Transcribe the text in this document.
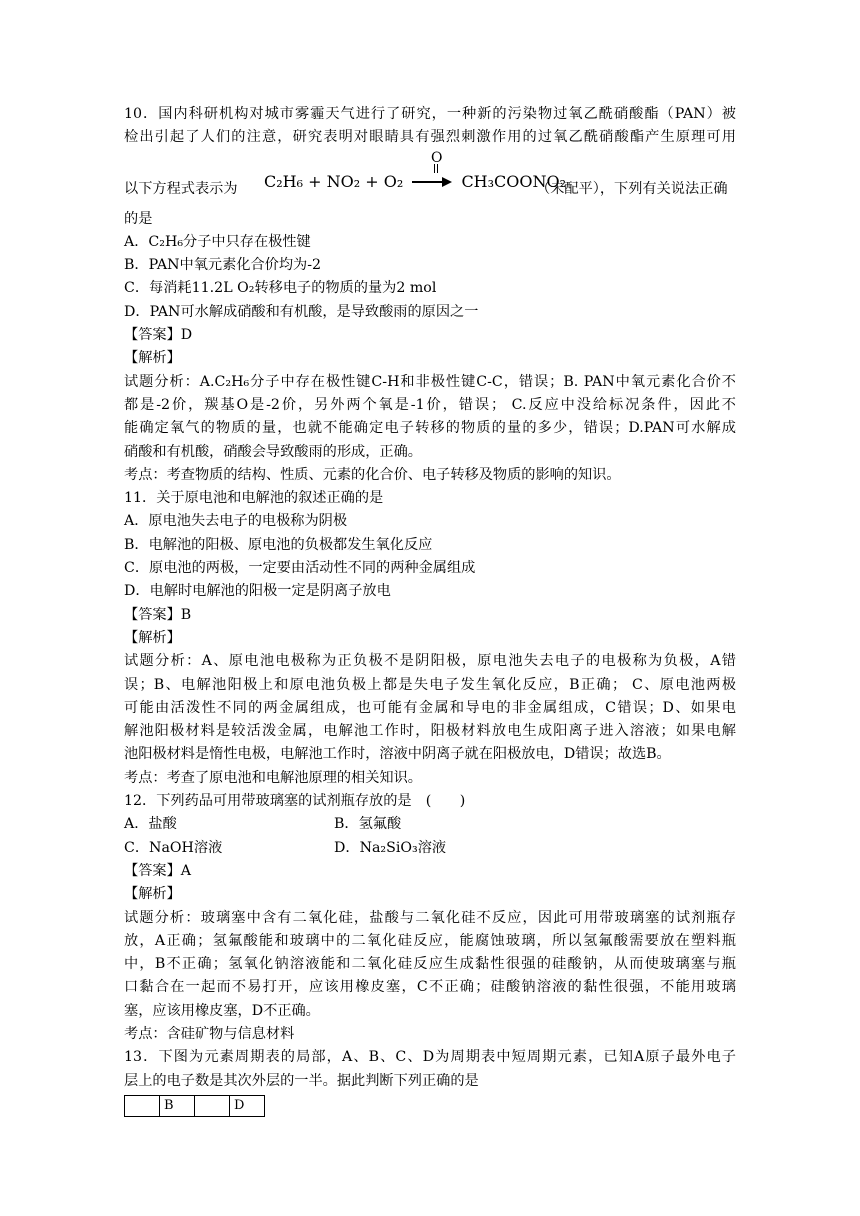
10．国内科研机构对城市雾霾天气进行了研究，一种新的污染物过氧乙酰硝酸酯（PAN）被
检出引起了人们的注意，研究表明对眼睛具有强烈刺激作用的过氧乙酰硝酸酯产生原理可用
以下方程式表示为
O
C₂H₆ + NO₂ + O₂	CH₃COONO₂
（未配平），下列有关说法正确
的是
A．C₂H₆分子中只存在极性键
B．PAN中氧元素化合价均为-2
C．每消耗11.2L O₂转移电子的物质的量为2 mol
D．PAN可水解成硝酸和有机酸，是导致酸雨的原因之一
【答案】D
【解析】
试题分析：A.C₂H₆分子中存在极性键C-H和非极性键C-C，错误；B. PAN中氧元素化合价不
都是-2价，羰基O是-2价，另外两个氧是-1价，错误； C.反应中没给标况条件，因此不
能确定氧气的物质的量，也就不能确定电子转移的物质的量的多少，错误；D.PAN可水解成
硝酸和有机酸，硝酸会导致酸雨的形成，正确。
考点：考查物质的结构、性质、元素的化合价、电子转移及物质的影响的知识。
11．关于原电池和电解池的叙述正确的是
A．原电池失去电子的电极称为阴极
B．电解池的阳极、原电池的负极都发生氧化反应
C．原电池的两极，一定要由活动性不同的两种金属组成
D．电解时电解池的阳极一定是阴离子放电
【答案】B
【解析】
试题分析：A、原电池电极称为正负极不是阴阳极，原电池失去电子的电极称为负极，A错
误；B、电解池阳极上和原电池负极上都是失电子发生氧化反应，B正确； C、原电池两极
可能由活泼性不同的两金属组成，也可能有金属和导电的非金属组成，C错误；D、如果电
解池阳极材料是较活泼金属，电解池工作时，阳极材料放电生成阳离子进入溶液；如果电解
池阳极材料是惰性电极，电解池工作时，溶液中阴离子就在阳极放电，D错误；故选B。
考点：考查了原电池和电解池原理的相关知识。
12．下列药品可用带玻璃塞的试剂瓶存放的是　(　　)
A．盐酸	B．氢氟酸
C．NaOH溶液	D．Na₂SiO₃溶液
【答案】A
【解析】
试题分析：玻璃塞中含有二氧化硅，盐酸与二氧化硅不反应，因此可用带玻璃塞的试剂瓶存
放，A正确；氢氟酸能和玻璃中的二氧化硅反应，能腐蚀玻璃，所以氢氟酸需要放在塑料瓶
中，B不正确；氢氧化钠溶液能和二氧化硅反应生成黏性很强的硅酸钠，从而使玻璃塞与瓶
口黏合在一起而不易打开，应该用橡皮塞，C不正确；硅酸钠溶液的黏性很强，不能用玻璃
塞，应该用橡皮塞，D不正确。
考点：含硅矿物与信息材料
13．下图为元素周期表的局部，A、B、C、D为周期表中短周期元素，已知A原子最外电子
层上的电子数是其次外层的一半。据此判断下列正确的是
	B		D
